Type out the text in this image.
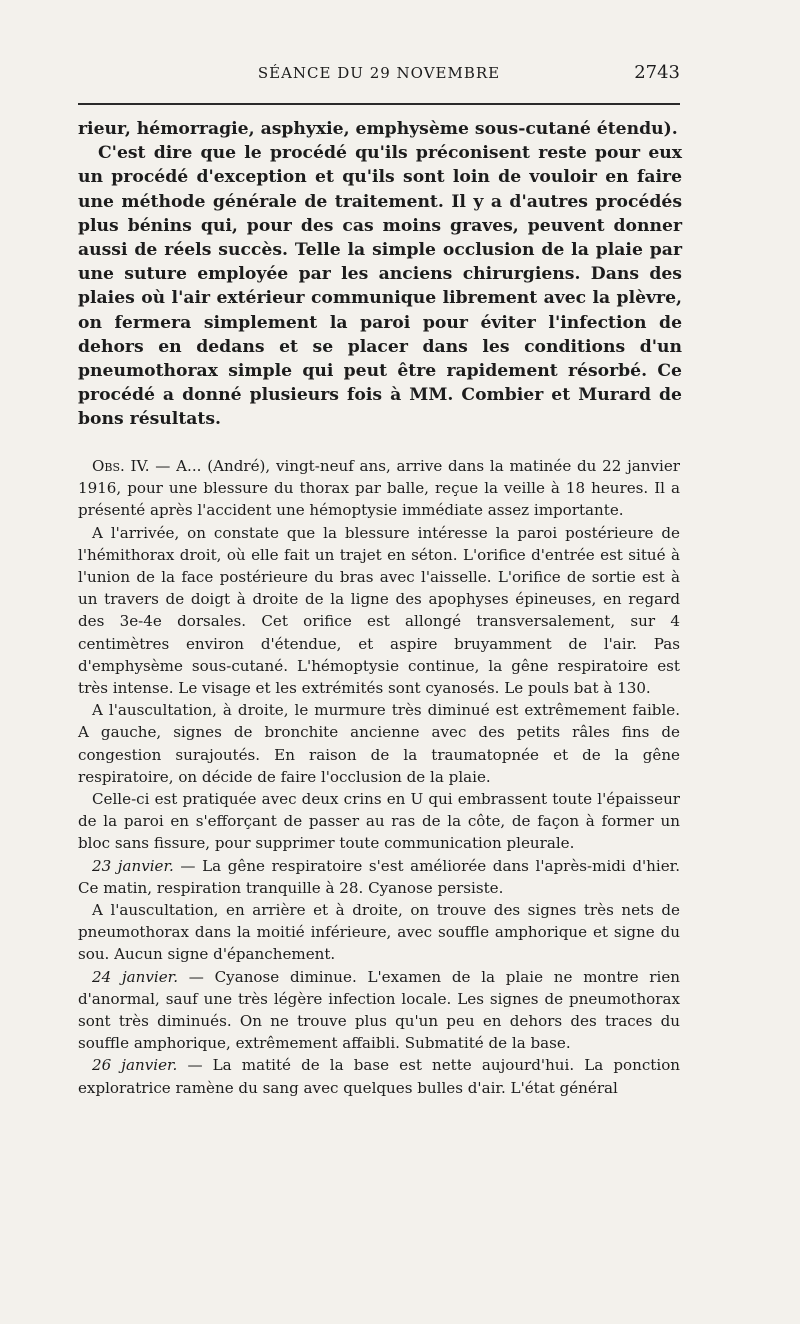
SÉANCE DU 29 NOVEMBRE	2743

rieur, hémorragie, asphyxie, emphysème sous-cutané étendu).

C'est dire que le procédé qu'ils préconisent reste pour eux un procédé d'exception et qu'ils sont loin de vouloir en faire une méthode générale de traitement. Il y a d'autres procédés plus bénins qui, pour des cas moins graves, peuvent donner aussi de réels succès. Telle la simple occlusion de la plaie par une suture employée par les anciens chirurgiens. Dans des plaies où l'air extérieur communique librement avec la plèvre, on fermera simplement la paroi pour éviter l'infection de dehors en dedans et se placer dans les conditions d'un pneumothorax simple qui peut être rapidement résorbé. Ce procédé a donné plusieurs fois à MM. Combier et Murard de bons résultats.

Obs. IV. — A... (André), vingt-neuf ans, arrive dans la matinée du 22 janvier 1916, pour une blessure du thorax par balle, reçue la veille à 18 heures. Il a présenté après l'accident une hémoptysie immédiate assez importante.

A l'arrivée, on constate que la blessure intéresse la paroi postérieure de l'hémithorax droit, où elle fait un trajet en séton. L'orifice d'entrée est situé à l'union de la face postérieure du bras avec l'aisselle. L'orifice de sortie est à un travers de doigt à droite de la ligne des apophyses épineuses, en regard des 3e-4e dorsales. Cet orifice est allongé transversalement, sur 4 centimètres environ d'étendue, et aspire bruyamment de l'air. Pas d'emphysème sous-cutané. L'hémoptysie continue, la gêne respiratoire est très intense. Le visage et les extrémités sont cyanosés. Le pouls bat à 130.

A l'auscultation, à droite, le murmure très diminué est extrêmement faible. A gauche, signes de bronchite ancienne avec des petits râles fins de congestion surajoutés. En raison de la traumatopnée et de la gêne respiratoire, on décide de faire l'occlusion de la plaie.

Celle-ci est pratiquée avec deux crins en U qui embrassent toute l'épaisseur de la paroi en s'efforçant de passer au ras de la côte, de façon à former un bloc sans fissure, pour supprimer toute communication pleurale.

23 janvier. — La gêne respiratoire s'est améliorée dans l'après-midi d'hier. Ce matin, respiration tranquille à 28. Cyanose persiste.

A l'auscultation, en arrière et à droite, on trouve des signes très nets de pneumothorax dans la moitié inférieure, avec souffle amphorique et signe du sou. Aucun signe d'épanchement.

24 janvier. — Cyanose diminue. L'examen de la plaie ne montre rien d'anormal, sauf une très légère infection locale. Les signes de pneumothorax sont très diminués. On ne trouve plus qu'un peu en dehors des traces du souffle amphorique, extrêmement affaibli. Submatité de la base.

26 janvier. — La matité de la base est nette aujourd'hui. La ponction exploratrice ramène du sang avec quelques bulles d'air. L'état général
